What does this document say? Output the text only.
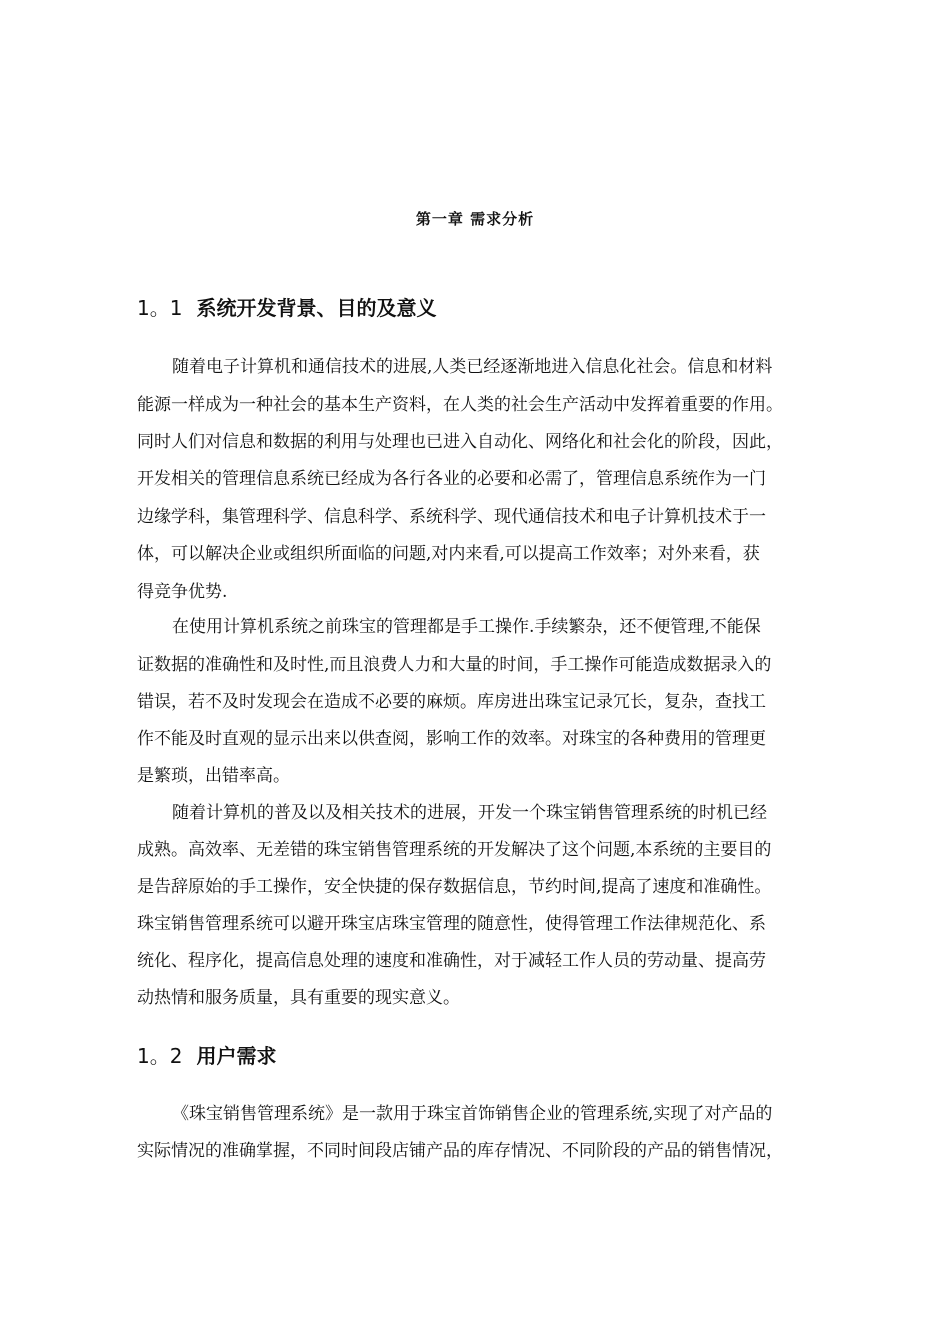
第一章 需求分析
1。1 系统开发背景、目的及意义

随着电子计算机和通信技术的进展,人类已经逐渐地进入信息化社会。信息和材料

能源一样成为一种社会的基本生产资料，在人类的社会生产活动中发挥着重要的作用。

同时人们对信息和数据的利用与处理也已进入自动化、网络化和社会化的阶段，因此，

开发相关的管理信息系统已经成为各行各业的必要和必需了，管理信息系统作为一门

边缘学科，集管理科学、信息科学、系统科学、现代通信技术和电子计算机技术于一

体，可以解决企业或组织所面临的问题,对内来看,可以提高工作效率；对外来看，获

得竞争优势.

在使用计算机系统之前珠宝的管理都是手工操作.手续繁杂，还不便管理,不能保

证数据的准确性和及时性,而且浪费人力和大量的时间，手工操作可能造成数据录入的

错误，若不及时发现会在造成不必要的麻烦。库房进出珠宝记录冗长，复杂，查找工

作不能及时直观的显示出来以供查阅，影响工作的效率。对珠宝的各种费用的管理更

是繁琐，出错率高。

随着计算机的普及以及相关技术的进展，开发一个珠宝销售管理系统的时机已经

成熟。高效率、无差错的珠宝销售管理系统的开发解决了这个问题,本系统的主要目的

是告辞原始的手工操作，安全快捷的保存数据信息，节约时间,提高了速度和准确性。

珠宝销售管理系统可以避开珠宝店珠宝管理的随意性，使得管理工作法律规范化、系

统化、程序化，提高信息处理的速度和准确性，对于减轻工作人员的劳动量、提高劳

动热情和服务质量，具有重要的现实意义。

1。2 用户需求

《珠宝销售管理系统》是一款用于珠宝首饰销售企业的管理系统,实现了对产品的

实际情况的准确掌握，不同时间段店铺产品的库存情况、不同阶段的产品的销售情况，
